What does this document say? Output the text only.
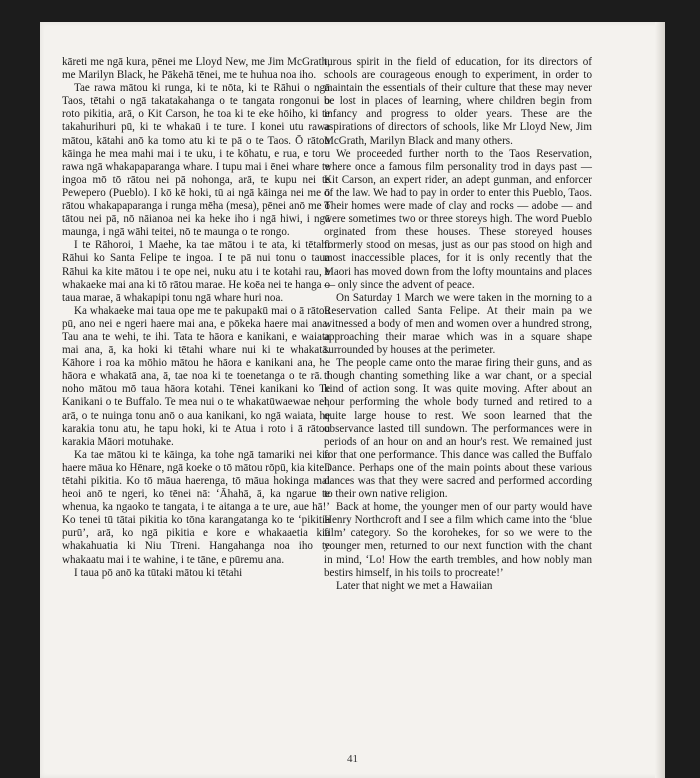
kāreti me ngā kura, pēnei me Lloyd New, me Jim McGrath, me Marilyn Black, he Pākehā tēnei, me te huhua noa iho.

Tae rawa mātou ki runga, ki te nōta, ki te Rāhui o ngā Taos, tētahi o ngā takatakahanga o te tangata rongonui o roto pikitia, arā, o Kit Carson, he toa ki te eke hōiho, ki te takahurihuri pū, ki te whakaū i te ture. I konei utu rawa mātou, kātahi anō ka tomo atu ki te pā o te Taos. Ō rātou kāinga he mea mahi mai i te uku, i te kōhatu, e rua, e toru rawa ngā whakapaparanga whare. I tupu mai i ēnei whare te ingoa mō tō rātou nei pā nohonga, arā, te kupu nei te Pewepero (Pueblo). I kō kē hoki, tū ai ngā kāinga nei me ō rātou whakapaparanga i runga mēha (mesa), pēnei anō me ō tātou nei pā, nō nāianoa nei ka heke iho i ngā hiwi, i ngā maunga, i ngā wāhi teitei, nō te maunga o te rongo.

I te Rāhoroi, 1 Maehe, ka tae mātou i te ata, ki tētahi Rāhui ko Santa Felipe te ingoa. I te pā nui tonu o taua Rāhui ka kite mātou i te ope nei, nuku atu i te kotahi rau, e whakaeke mai ana ki tō rātou marae. He koēa nei te hanga o taua marae, ā whakapipi tonu ngā whare huri noa.

Ka whakaeke mai taua ope me te pakupakū mai o ā rātou pū, ano nei e ngeri haere mai ana, e pōkeka haere mai ana. Tau ana te wehi, te ihi. Tata te hāora e kanikani, e waiata mai ana, ā, ka hoki ki tētahi whare nui ki te whakatā. Kāhore i roa ka mōhio mātou he hāora e kanikani ana, he hāora e whakatā ana, ā, tae noa ki te toenetanga o te rā. I noho mātou mō taua hāora kotahi. Tēnei kanikani ko Te Kanikani o te Buffalo. Te mea nui o te whakatūwaewae nei, arā, o te nuinga tonu anō o aua kanikani, ko ngā waiata, he karakia tonu atu, he tapu hoki, ki te Atua i roto i ā rātou karakia Māori motuhake.

Ka tae mātou ki te kāinga, ka tohe ngā tamariki nei kia haere māua ko Hēnare, ngā koeke o tō mātou rōpū, kia kite i tētahi pikitia. Ko tō māua haerenga, tō māua hokinga mai heoi anō te ngeri, ko tēnei nā: ‘Āhahā, ā, ka ngarue te whenua, ka ngaoko te tangata, i te aitanga a te ure, aue hā!’ Ko tenei tū tātai pikitia ko tōna karangatanga ko te ‘pikitia purū’, arā, ko ngā pikitia e kore e whakaaetia kia whakahuatia ki Niu Tīreni. Hangahanga noa iho te whakaatu mai i te wahine, i te tāne, e pūremu ana.

I taua pō anō ka tūtaki mātou ki tētahi

turous spirit in the field of education, for its directors of schools are courageous enough to experiment, in order to maintain the essentials of their culture that these may never be lost in places of learning, where children begin from infancy and progress to older years. These are the aspirations of directors of schools, like Mr Lloyd New, Jim McGrath, Marilyn Black and many others.

We proceeded further north to the Taos Reservation, where once a famous film personality trod in days past — Kit Carson, an expert rider, an adept gunman, and enforcer of the law. We had to pay in order to enter this Pueblo, Taos. Their homes were made of clay and rocks — adobe — and were sometimes two or three storeys high. The word Pueblo orginated from these houses. These storeyed houses formerly stood on mesas, just as our pas stood on high and most inaccessible places, for it is only recently that the Maori has moved down from the lofty mountains and places — only since the advent of peace.

On Saturday 1 March we were taken in the morning to a Reservation called Santa Felipe. At their main pa we witnessed a body of men and women over a hundred strong, approaching their marae which was in a square shape surrounded by houses at the perimeter.

The people came onto the marae firing their guns, and as though chanting something like a war chant, or a special kind of action song. It was quite moving. After about an hour performing the whole body turned and retired to a quite large house to rest. We soon learned that the observance lasted till sundown. The performances were in periods of an hour on and an hour's rest. We remained just for that one performance. This dance was called the Buffalo Dance. Perhaps one of the main points about these various dances was that they were sacred and performed according to their own native religion.

Back at home, the younger men of our party would have Henry Northcroft and I see a film which came into the ‘blue film’ category. So the korohekes, for so we were to the younger men, returned to our next function with the chant in mind, ‘Lo! How the earth trembles, and how nobly man bestirs himself, in his toils to procreate!’

Later that night we met a Hawaiian

41
